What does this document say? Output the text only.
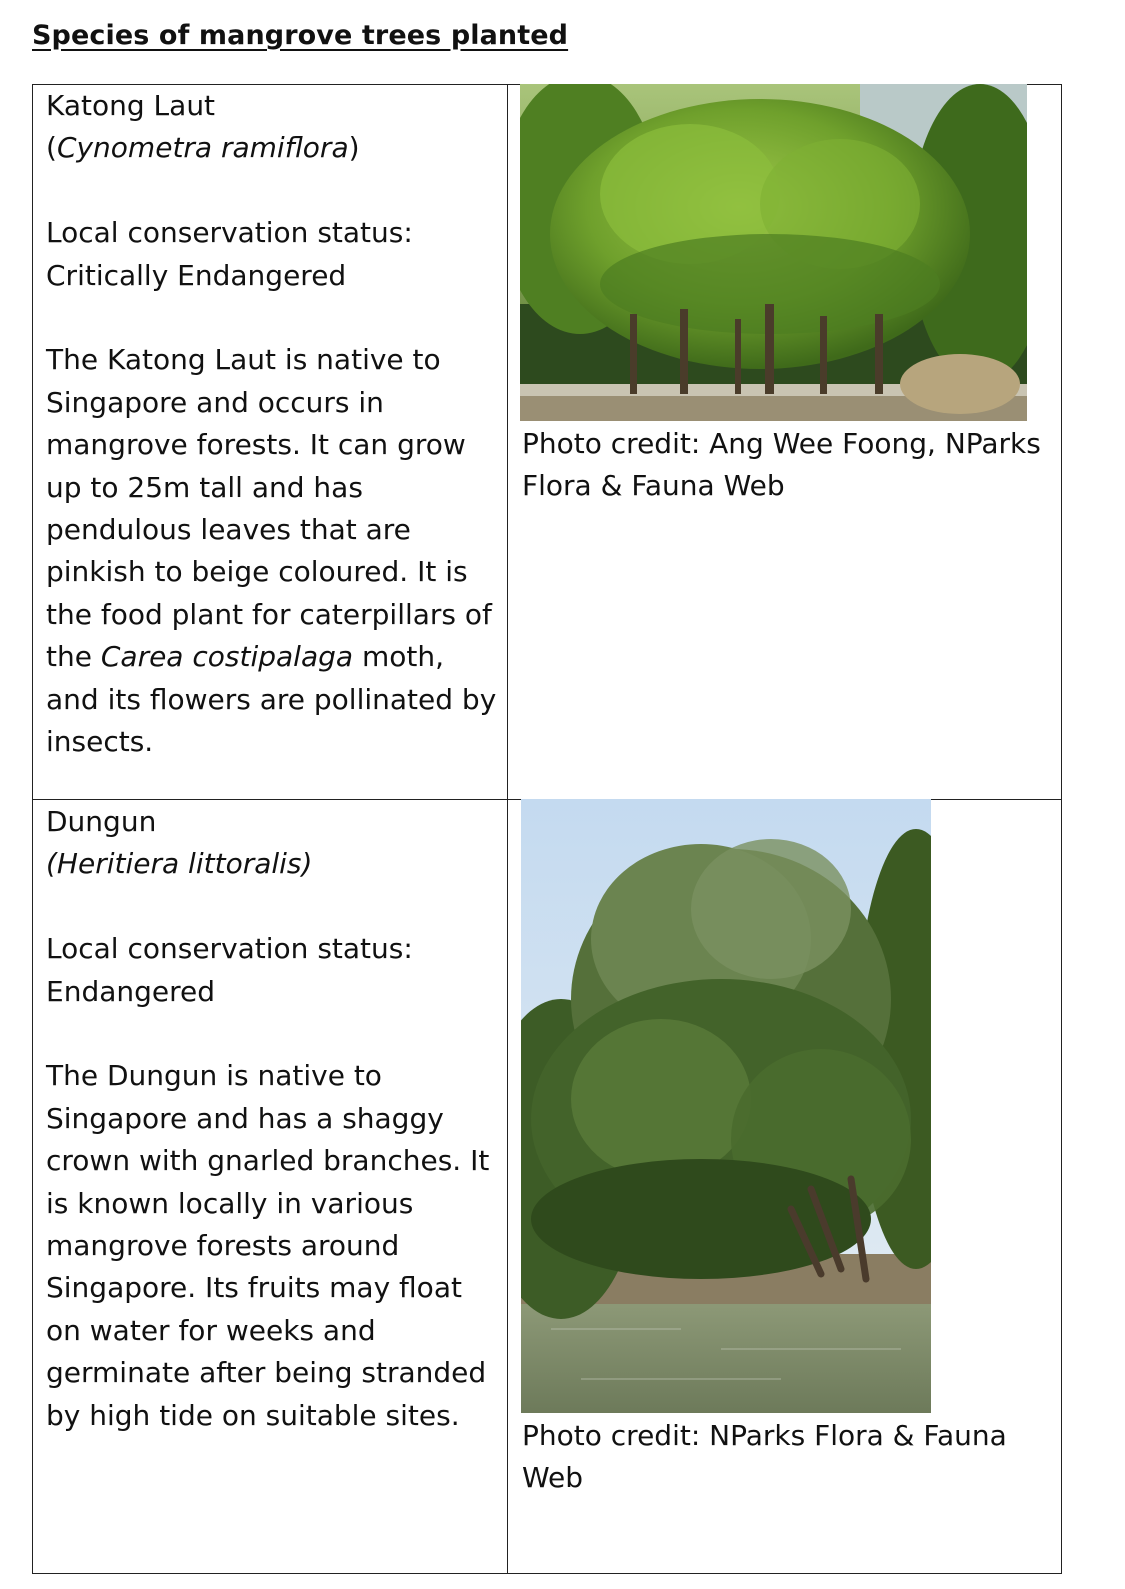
Species of mangrove trees planted

Katong Laut

(Cynometra ramiflora)

Local conservation status:

Critically Endangered

The Katong Laut is native to Singapore and occurs in mangrove forests. It can grow up to 25m tall and has pendulous leaves that are pinkish to beige coloured. It is the food plant for caterpillars of the Carea costipalaga moth, and its flowers are pollinated by insects.

Photo credit: Ang Wee Foong, NParks Flora & Fauna Web

Dungun

(Heritiera littoralis)

Local conservation status:

Endangered

The Dungun is native to Singapore and has a shaggy crown with gnarled branches. It is known locally in various mangrove forests around Singapore. Its fruits may float on water for weeks and germinate after being stranded by high tide on suitable sites.

Photo credit: NParks Flora & Fauna Web
